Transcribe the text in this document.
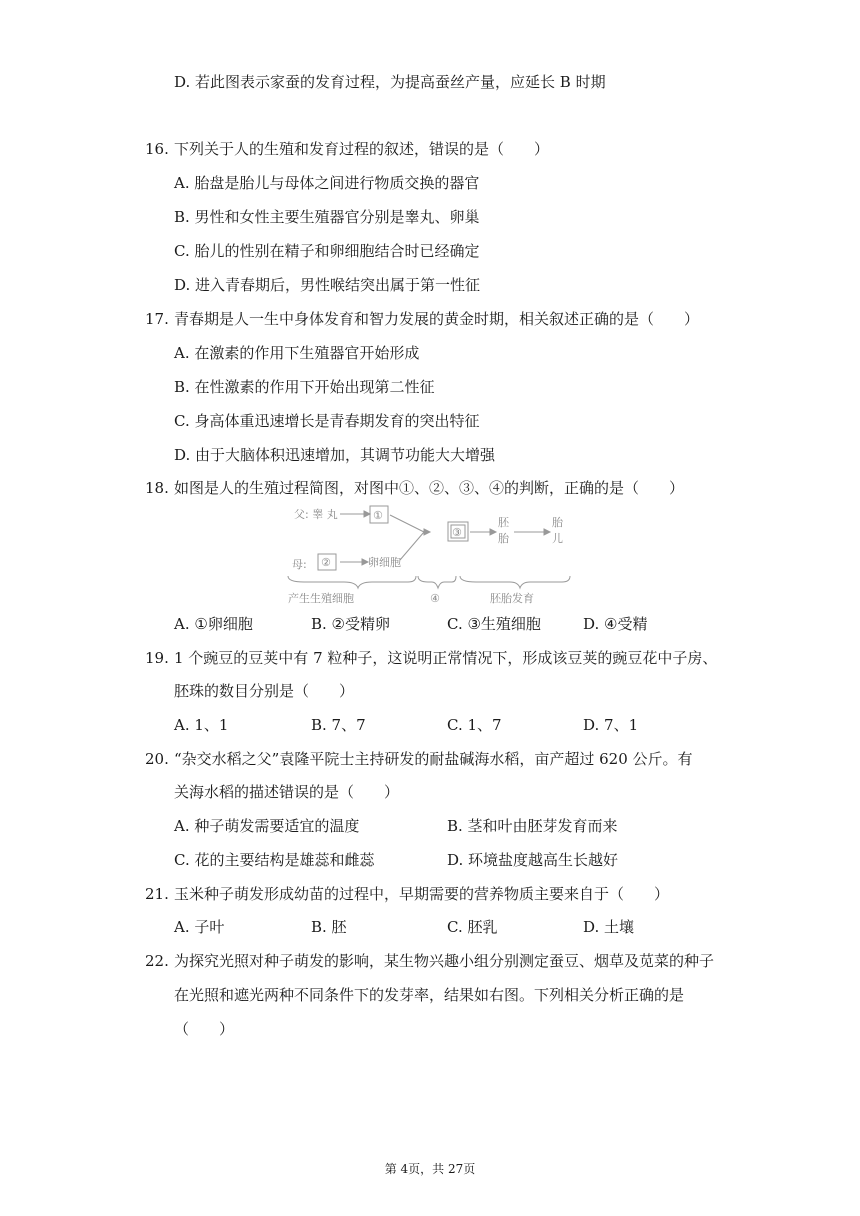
D. 若此图表示家蚕的发育过程，为提高蚕丝产量，应延长 B 时期
16. 下列关于人的生殖和发育过程的叙述，错误的是（　　）
A. 胎盘是胎儿与母体之间进行物质交换的器官
B. 男性和女性主要生殖器官分别是睾丸、卵巢
C. 胎儿的性别在精子和卵细胞结合时已经确定
D. 进入青春期后，男性喉结突出属于第一性征
17. 青春期是人一生中身体发育和智力发展的黄金时期，相关叙述正确的是（　　）
A. 在激素的作用下生殖器官开始形成
B. 在性激素的作用下开始出现第二性征
C. 身高体重迅速增长是青春期发育的突出特征
D. 由于大脑体积迅速增加，其调节功能大大增强
18. 如图是人的生殖过程简图，对图中①、②、③、④的判断，正确的是（　　）
父: 睾 丸	①
母: ②	卵细胞
③
胚
胎
胎
儿
产生生殖细胞	④	胚胎发育
A. ①卵细胞	B. ②受精卵	C. ③生殖细胞	D. ④受精
19. 1 个豌豆的豆荚中有 7 粒种子，这说明正常情况下，形成该豆荚的豌豆花中子房、
胚珠的数目分别是（　　）
A. 1、1	B. 7、7	C. 1、7	D. 7、1
20. “杂交水稻之父”袁隆平院士主持研发的耐盐碱海水稻，亩产超过 620 公斤。有
关海水稻的描述错误的是（　　）
A. 种子萌发需要适宜的温度	B. 茎和叶由胚芽发育而来
C. 花的主要结构是雄蕊和雌蕊	D. 环境盐度越高生长越好
21. 玉米种子萌发形成幼苗的过程中，早期需要的营养物质主要来自于（　　）
A. 子叶	B. 胚	C. 胚乳	D. 土壤
22. 为探究光照对种子萌发的影响，某生物兴趣小组分别测定蚕豆、烟草及苋菜的种子
在光照和遮光两种不同条件下的发芽率，结果如右图。下列相关分析正确的是
（　　）
第 4页，共 27页
